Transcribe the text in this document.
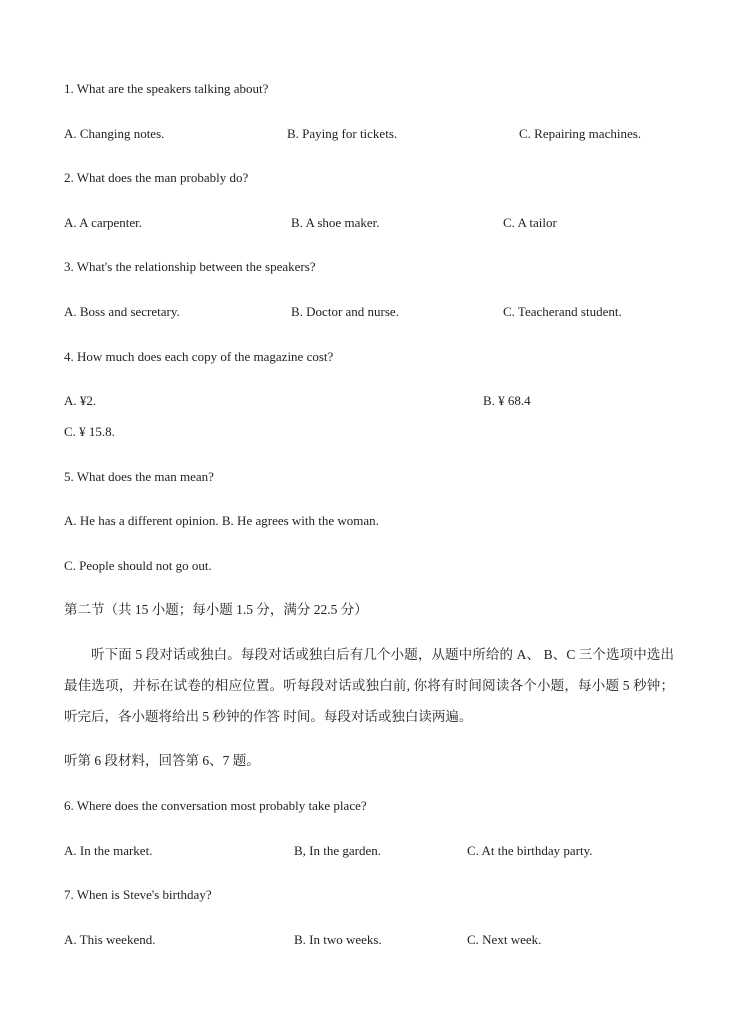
1. What are the speakers talking about?
A. Changing notes.	B. Paying for tickets.	C. Repairing machines.
2. What does the man probably do?
A. A carpenter.	B. A shoe maker.	C. A tailor
3. What's the relationship between the speakers?
A. Boss and secretary.	B. Doctor and nurse.	C. Teacherand student.
4. How much does each copy of the magazine cost?
A. ¥2.	B. ¥ 68.4
C. ¥ 15.8.
5. What does the man mean?
A. He has a different opinion. B. He agrees with the woman.
C. People should not go out.
第二节（共 15 小题；每小题 1.5 分，满分 22.5 分）
听下面 5 段对话或独白。每段对话或独白后有几个小题，从题中所给的 A、 B、C 三个选项中选出最佳选项，并标在试卷的相应位置。听每段对话或独白前, 你将有时间阅读各个小题，每小题 5 秒钟；听完后，各小题将给出 5 秒钟的作答 时间。每段对话或独白读两遍。
听第 6 段材料，回答第 6、7 题。
6. Where does the conversation most probably take place?
A. In the market.	B, In the garden.	C. At the birthday party.
7. When is Steve's birthday?
A. This weekend.	B. In two weeks.	C. Next week.
